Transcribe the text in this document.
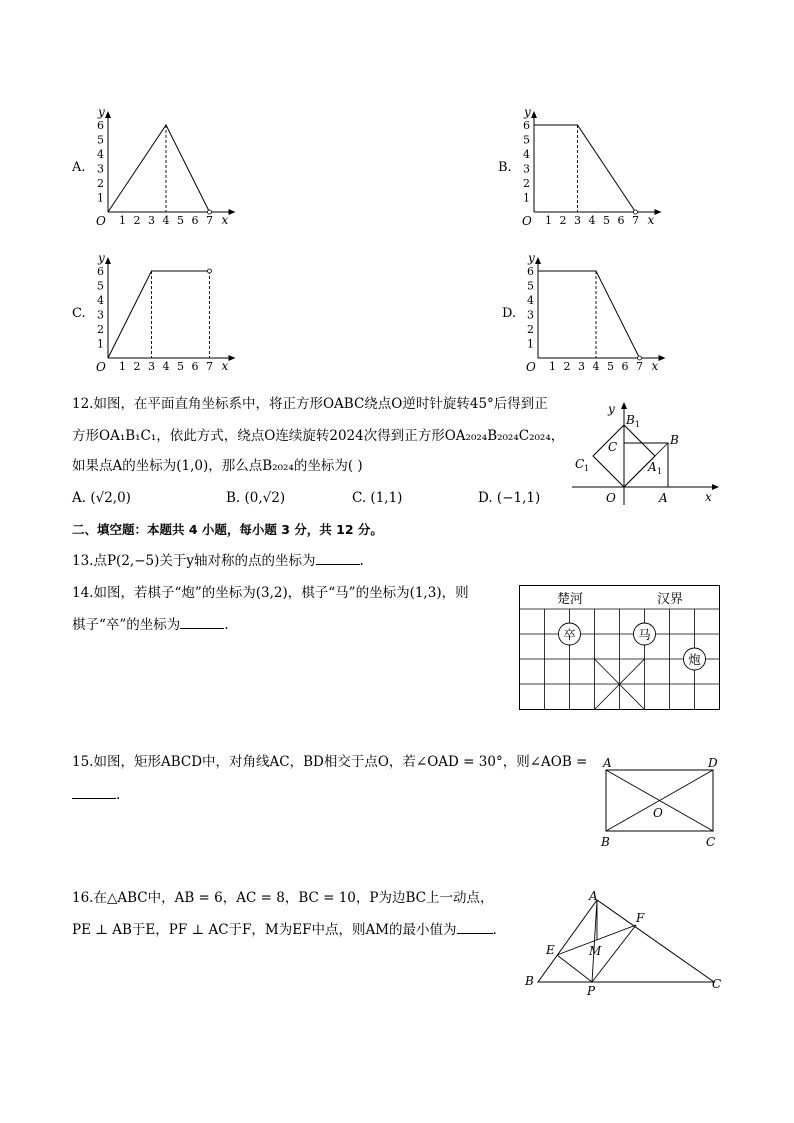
A.	B.
C.	D.
1 2 3 4 5 6 7
1
2
3
4
5
6
O	x
y
1 2 3 4 5 6 7
1
2
3
4
5
6
O	x
y
1 2 3 4 5 6 7
1
2
3
4
5
6
O	x
y
1 2 3 4 5 6 7
1
2
3
4
5
6
O	x
y
12.如图，在平面直角坐标系中，将正方形OABC绕点O逆时针旋转45°后得到正
方形OA₁B₁C₁，依此方式，绕点O连续旋转2024次得到正方形OA₂₀₂₄B₂₀₂₄C₂₀₂₄，
如果点A的坐标为(1,0)，那么点B₂₀₂₄的坐标为( )
A. (√2,0)	B. (0,√2)	C. (1,1)	D. (−1,1)
y
x
O	A
B
C
B 1
C 1	A 1
二、填空题：本题共 4 小题，每小题 3 分，共 12 分。
13.点P(2,−5)关于y轴对称的点的坐标为	.
14.如图，若棋子“炮”的坐标为(3,2)，棋子“马”的坐标为(1,3)，则
棋子“卒”的坐标为	.
楚河	汉界
卒	马
炮
15.如图，矩形ABCD中，对角线AC，BD相交于点O，若∠OAD = 30°，则∠AOB =
.
A	D
B	C
O
16.在△ABC中，AB = 6，AC = 8，BC = 10，P为边BC上一动点，
PE ⊥ AB于E，PF ⊥ AC于F，M为EF中点，则AM的最小值为	.
A
B	C
E
F
M
P
